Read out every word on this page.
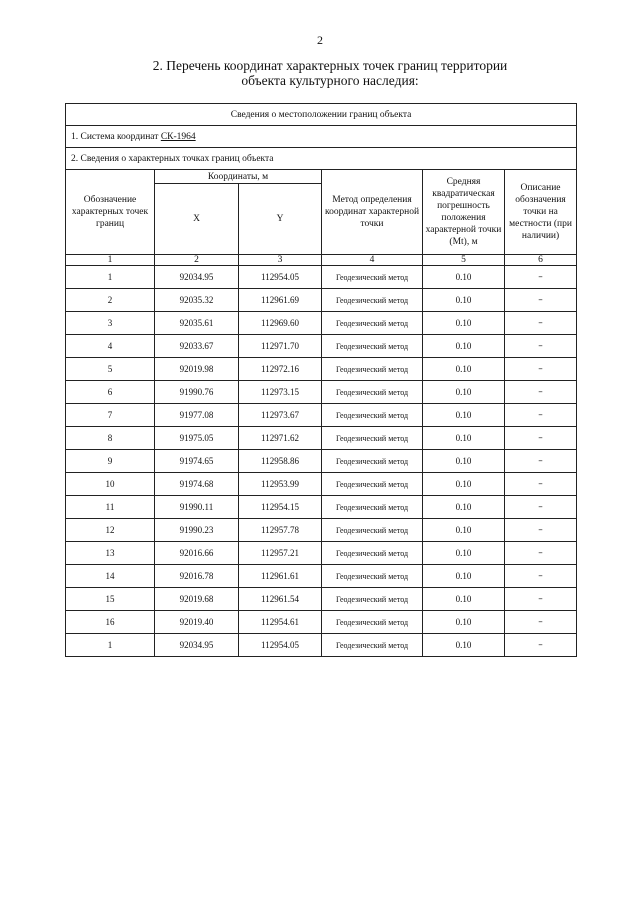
2
2. Перечень координат характерных точек границ территории
объекта культурного наследия:
Сведения о местоположении границ объекта					
1. Система координат СК-1964					
2. Сведения о характерных точках границ объекта					
Обозначение характерных точек границ	Координаты, м		Метод определения координат характерной точки	Средняя квадратическая погрешность положения характерной точки (Mt), м	Описание обозначения точки на местности (при наличии)
	X	Y			
1	2	3	4	5	6
1	92034.95	112954.05	Геодезический метод	0.10	–
2	92035.32	112961.69	Геодезический метод	0.10	–
3	92035.61	112969.60	Геодезический метод	0.10	–
4	92033.67	112971.70	Геодезический метод	0.10	–
5	92019.98	112972.16	Геодезический метод	0.10	–
6	91990.76	112973.15	Геодезический метод	0.10	–
7	91977.08	112973.67	Геодезический метод	0.10	–
8	91975.05	112971.62	Геодезический метод	0.10	–
9	91974.65	112958.86	Геодезический метод	0.10	–
10	91974.68	112953.99	Геодезический метод	0.10	–
11	91990.11	112954.15	Геодезический метод	0.10	–
12	91990.23	112957.78	Геодезический метод	0.10	–
13	92016.66	112957.21	Геодезический метод	0.10	–
14	92016.78	112961.61	Геодезический метод	0.10	–
15	92019.68	112961.54	Геодезический метод	0.10	–
16	92019.40	112954.61	Геодезический метод	0.10	–
1	92034.95	112954.05	Геодезический метод	0.10	–
